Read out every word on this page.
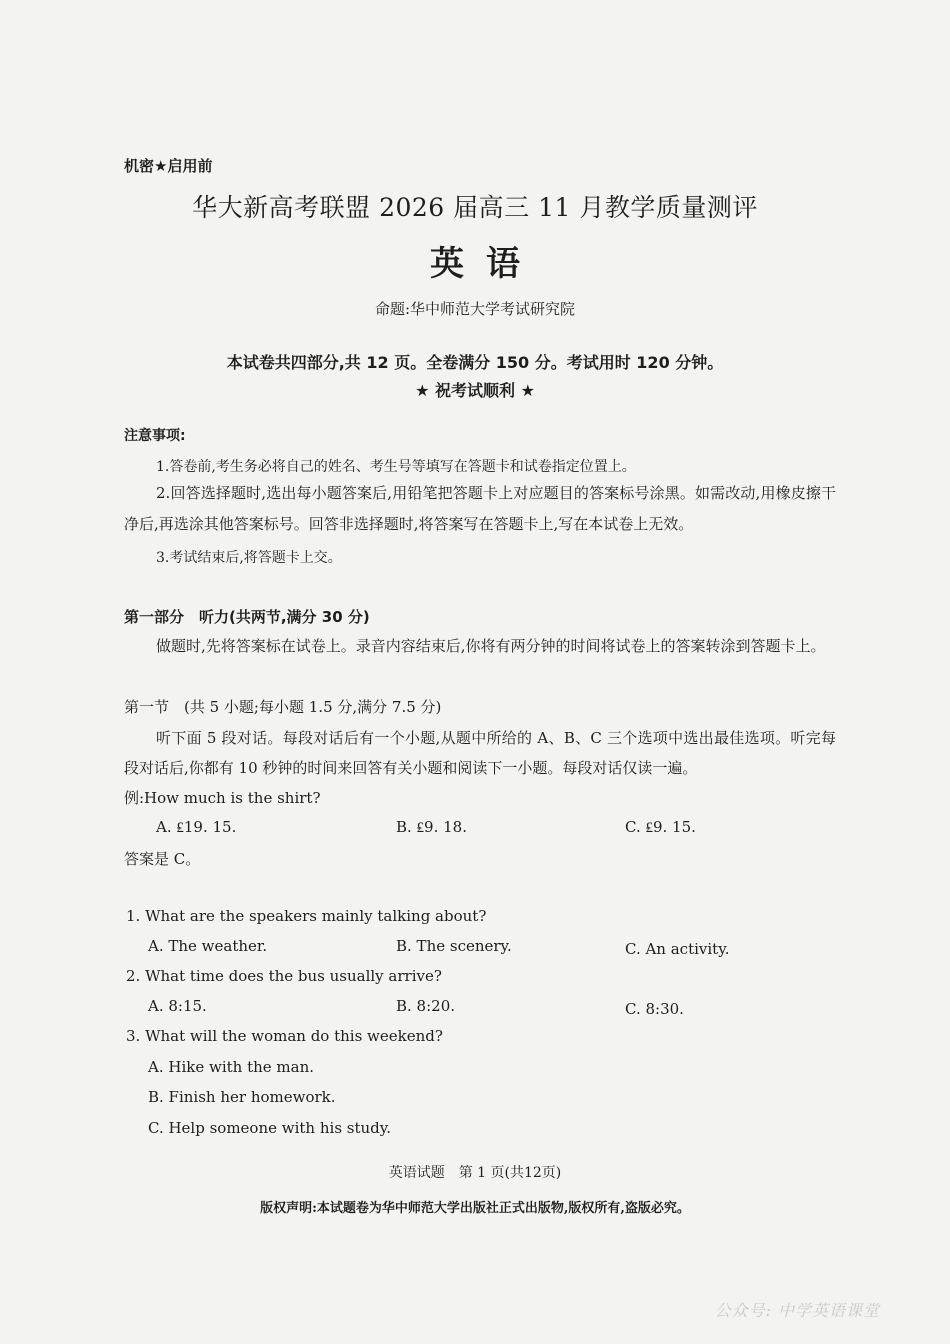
机密★启用前
华大新高考联盟 2026 届高三 11 月教学质量测评
英语
命题:华中师范大学考试研究院
本试卷共四部分,共 12 页。全卷满分 150 分。考试用时 120 分钟。
★ 祝考试顺利 ★
注意事项:
1.答卷前,考生务必将自己的姓名、考生号等填写在答题卡和试卷指定位置上。
2.回答选择题时,选出每小题答案后,用铅笔把答题卡上对应题目的答案标号涂黑。如需改动,用橡皮擦干净后,再选涂其他答案标号。回答非选择题时,将答案写在答题卡上,写在本试卷上无效。
3.考试结束后,将答题卡上交。
第一部分　听力(共两节,满分 30 分)
做题时,先将答案标在试卷上。录音内容结束后,你将有两分钟的时间将试卷上的答案转涂到答题卡上。
第一节　(共 5 小题;每小题 1.5 分,满分 7.5 分)
听下面 5 段对话。每段对话后有一个小题,从题中所给的 A、B、C 三个选项中选出最佳选项。听完每段对话后,你都有 10 秒钟的时间来回答有关小题和阅读下一小题。每段对话仅读一遍。
例:How much is the shirt?
A. ₤19. 15.	B. ₤9. 18.	C. ₤9. 15.
答案是 C。
1. What are the speakers mainly talking about?
A. The weather.	B. The scenery.	C. An activity.
2. What time does the bus usually arrive?
A. 8:15.	B. 8:20.	C. 8:30.
3. What will the woman do this weekend?
A. Hike with the man.
B. Finish her homework.
C. Help someone with his study.
英语试题　第 1 页(共12页)
版权声明:本试题卷为华中师范大学出版社正式出版物,版权所有,盗版必究。
公众号: 中学英语课堂
